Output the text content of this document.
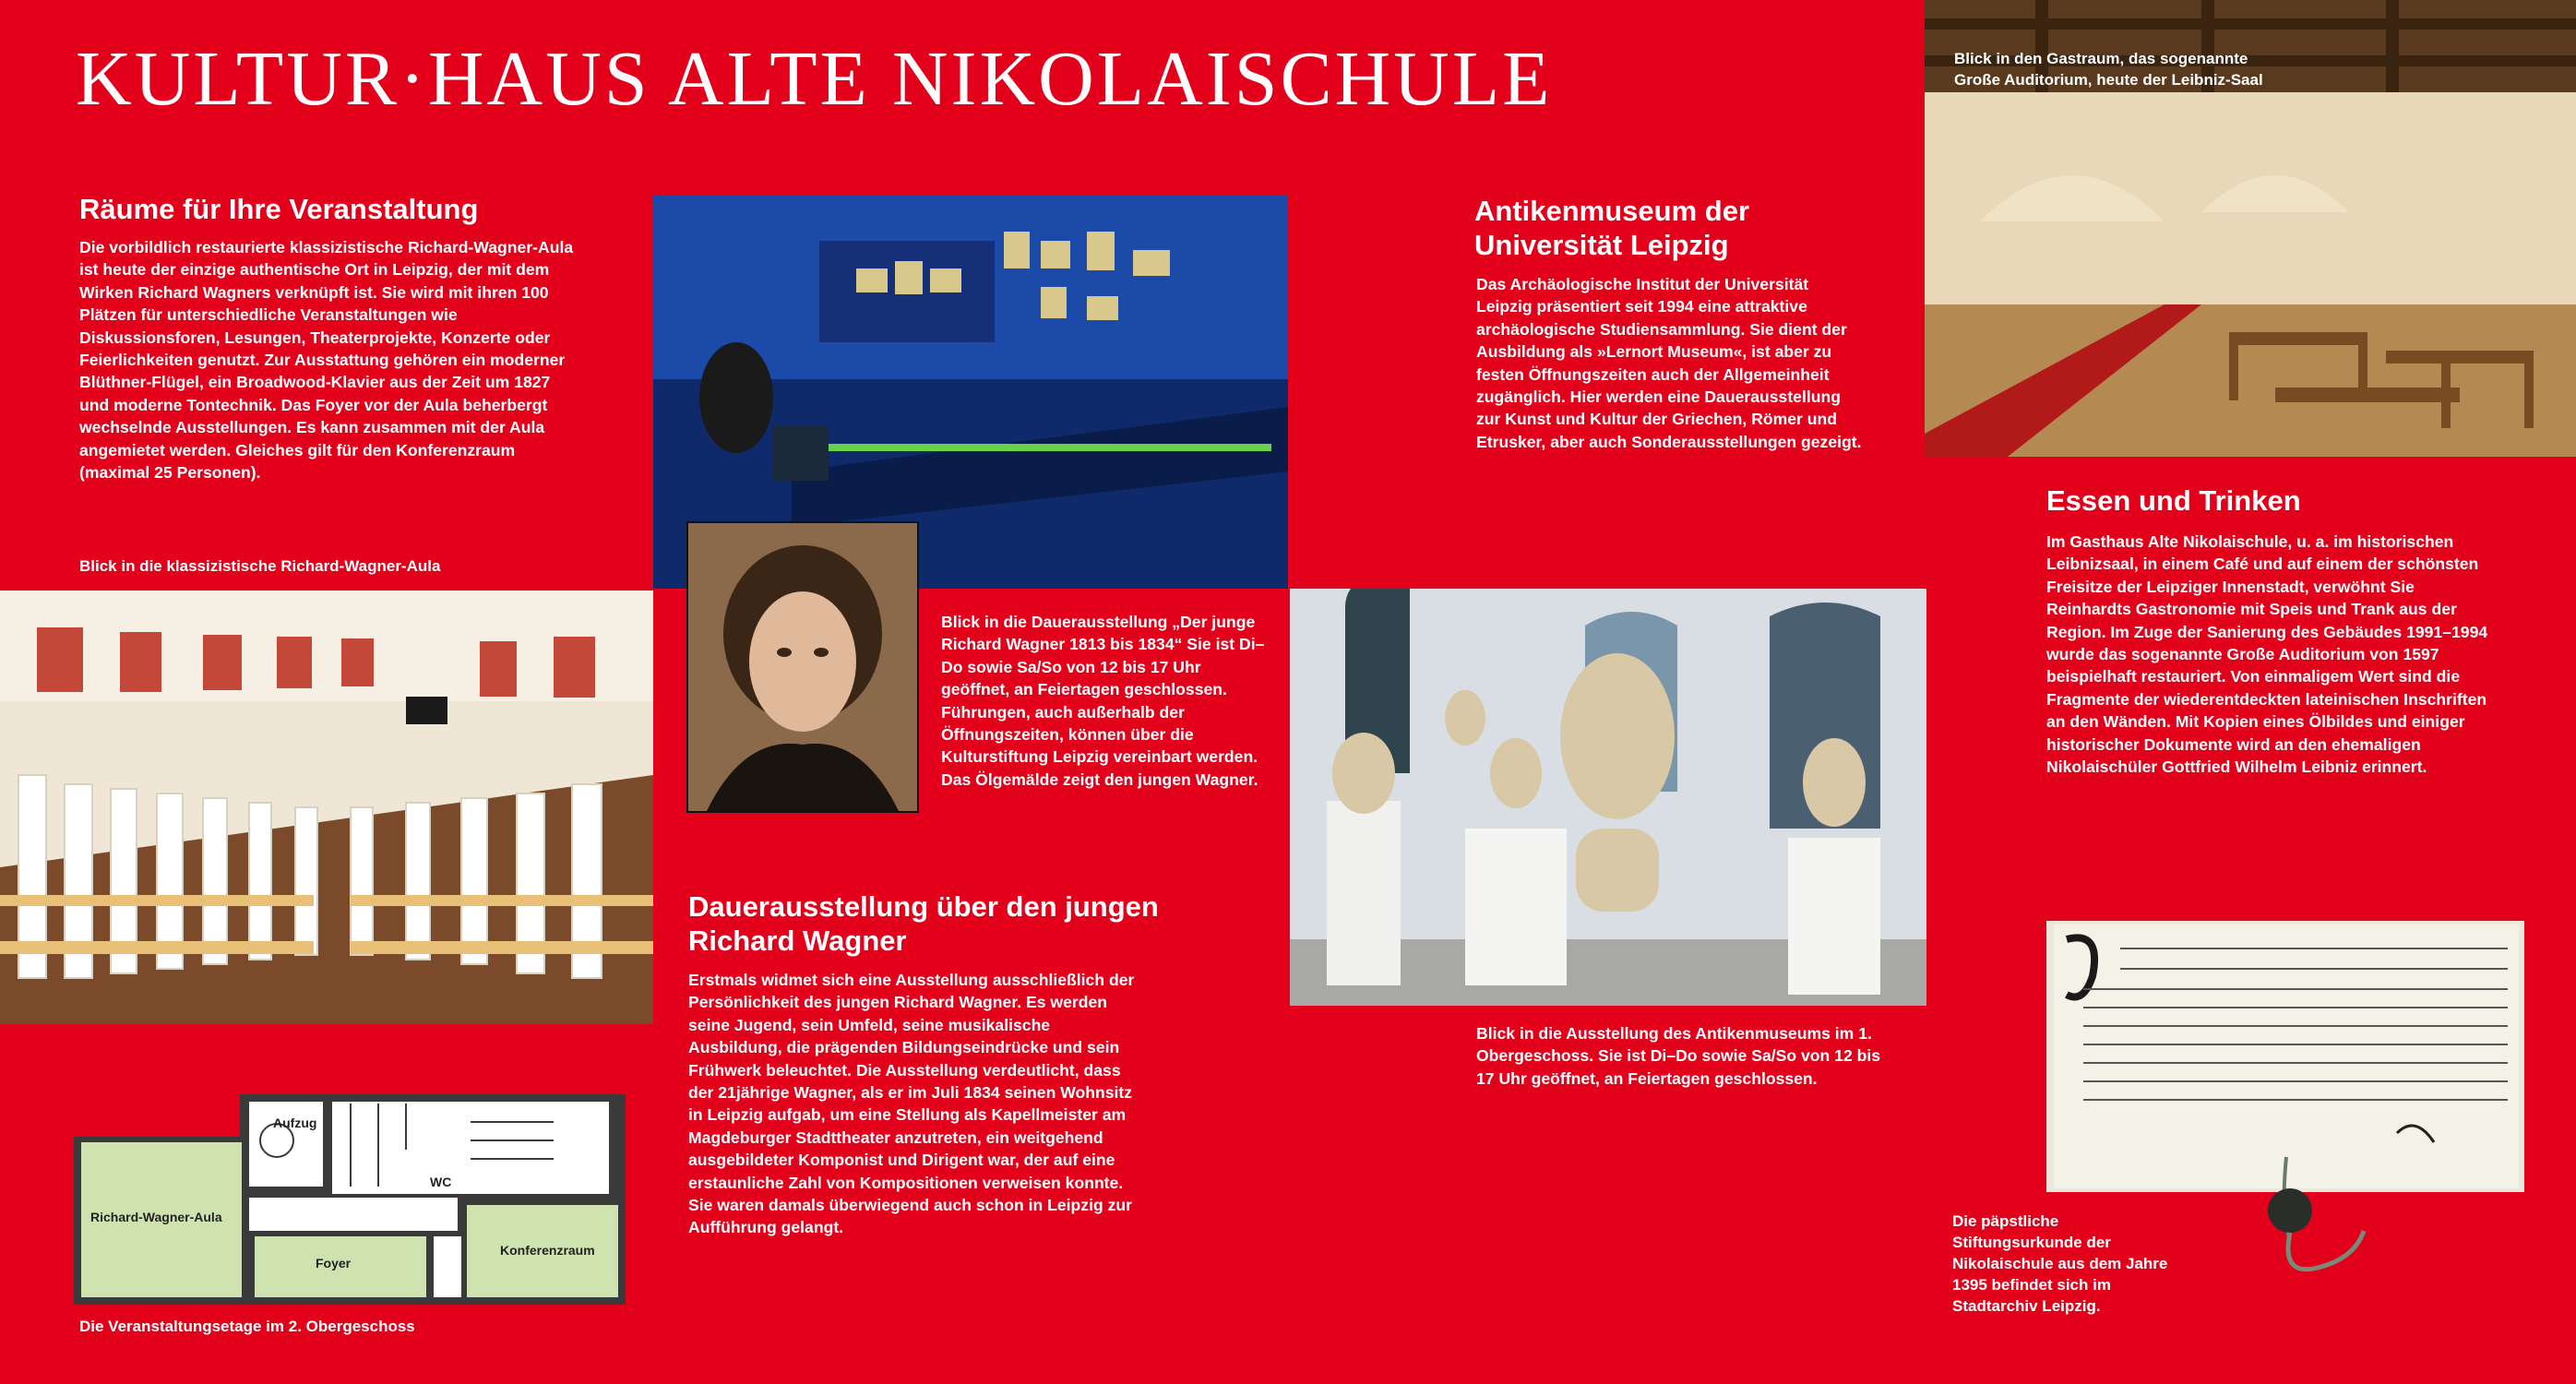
KULTUR·HAUS ALTE NIKOLAISCHULE
Räume für Ihre Veranstaltung
Die vorbildlich restaurierte klassizistische Richard-Wagner-Aula ist heute der einzige authentische Ort in Leipzig, der mit dem Wirken Richard Wagners verknüpft ist. Sie wird mit ihren 100 Plätzen für unterschiedliche Veranstaltungen wie Diskussionsforen, Lesungen, Theaterprojekte, Konzerte oder Feierlichkeiten genutzt. Zur Ausstattung gehören ein moderner Blüthner-Flügel, ein Broadwood-Klavier aus der Zeit um 1827 und moderne Tontechnik. Das Foyer vor der Aula beherbergt wechselnde Ausstellungen. Es kann zusammen mit der Aula angemietet werden. Gleiches gilt für den Konferenzraum (maximal 25 Personen).
Blick in die klassizistische Richard-Wagner-Aula
Aufzug
WC
Richard-Wagner-Aula
Foyer
Konferenzraum
Die Veranstaltungsetage im 2. Obergeschoss
Blick in die Dauerausstellung „Der junge Richard Wagner 1813 bis 1834“ Sie ist Di–Do sowie Sa/So von 12 bis 17 Uhr geöffnet, an Feiertagen geschlossen. Führungen, auch außerhalb der Öffnungszeiten, können über die Kulturstiftung Leipzig vereinbart werden. Das Ölgemälde zeigt den jungen Wagner.
Dauerausstellung über den jungen Richard Wagner
Erstmals widmet sich eine Ausstellung ausschließlich der Persönlichkeit des jungen Richard Wagner. Es werden seine Jugend, sein Umfeld, seine musikalische Ausbildung, die prägenden Bildungseindrücke und sein Frühwerk beleuchtet. Die Ausstellung verdeutlicht, dass der 21jährige Wagner, als er im Juli 1834 seinen Wohnsitz in Leipzig aufgab, um eine Stellung als Kapellmeister am Magdeburger Stadttheater anzutreten, ein weitgehend ausgebildeter Komponist und Dirigent war, der auf eine erstaunliche Zahl von Kompositionen verweisen konnte. Sie waren damals überwiegend auch schon in Leipzig zur Aufführung gelangt.
Antikenmuseum der Universität Leipzig
Das Archäologische Institut der Universität Leipzig präsentiert seit 1994 eine attraktive archäologische Studiensammlung. Sie dient der Ausbildung als »Lernort Museum«, ist aber zu festen Öffnungszeiten auch der Allgemeinheit zugänglich. Hier werden eine Dauerausstellung zur Kunst und Kultur der Griechen, Römer und Etrusker, aber auch Sonderausstellungen gezeigt.
Blick in die Ausstellung des Antikenmuseums im 1. Obergeschoss. Sie ist Di–Do sowie Sa/So von 12 bis 17 Uhr geöffnet, an Feiertagen geschlossen.
Blick in den Gastraum, das sogenannte Große Auditorium, heute der Leibniz-Saal
Essen und Trinken
Im Gasthaus Alte Nikolaischule, u. a. im historischen Leibnizsaal, in einem Café und auf einem der schönsten Freisitze der Leipziger Innenstadt, verwöhnt Sie Reinhardts Gastronomie mit Speis und Trank aus der Region. Im Zuge der Sanierung des Gebäudes 1991–1994 wurde das sogenannte Große Auditorium von 1597 beispielhaft restauriert. Von einmaligem Wert sind die Fragmente der wiederentdeckten lateinischen Inschriften an den Wänden. Mit Kopien eines Ölbildes und einiger historischer Dokumente wird an den ehemaligen Nikolaischüler Gottfried Wilhelm Leibniz erinnert.
Die päpstliche Stiftungsurkunde der Nikolaischule aus dem Jahre 1395 befindet sich im Stadtarchiv Leipzig.
